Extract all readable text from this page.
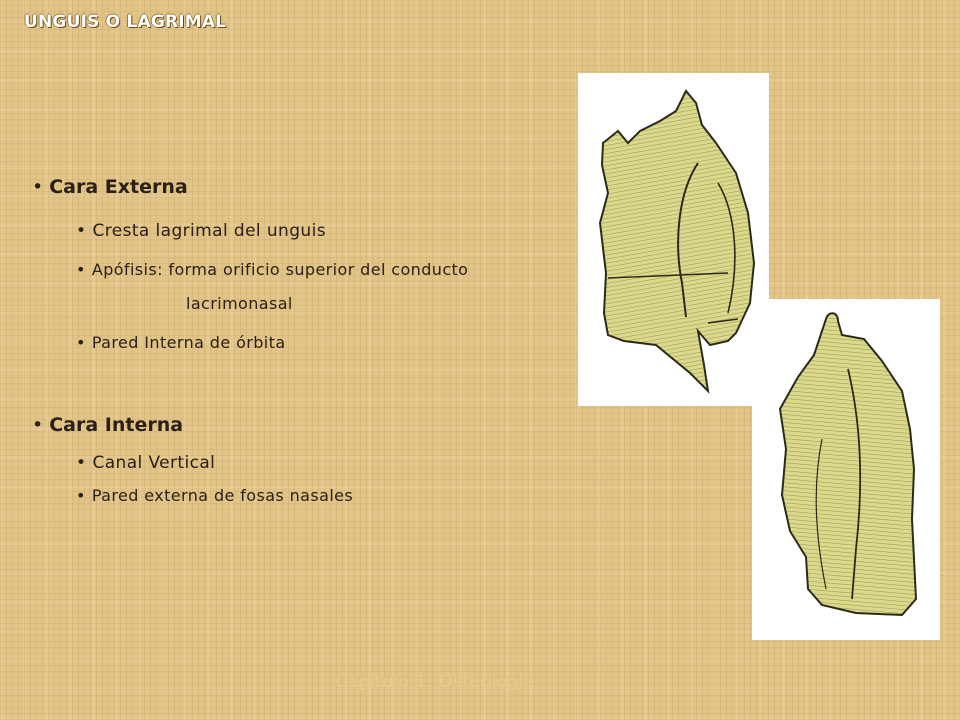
UNGUIS O LAGRIMAL
• Cara Externa
• Cresta lagrimal del unguis
• Apófisis: forma orificio superior del conducto
lacrimonasal
• Pared Interna de órbita
• Cara Interna
• Canal Vertical
• Pared externa de fosas nasales
Capítulo 1: Osteología
